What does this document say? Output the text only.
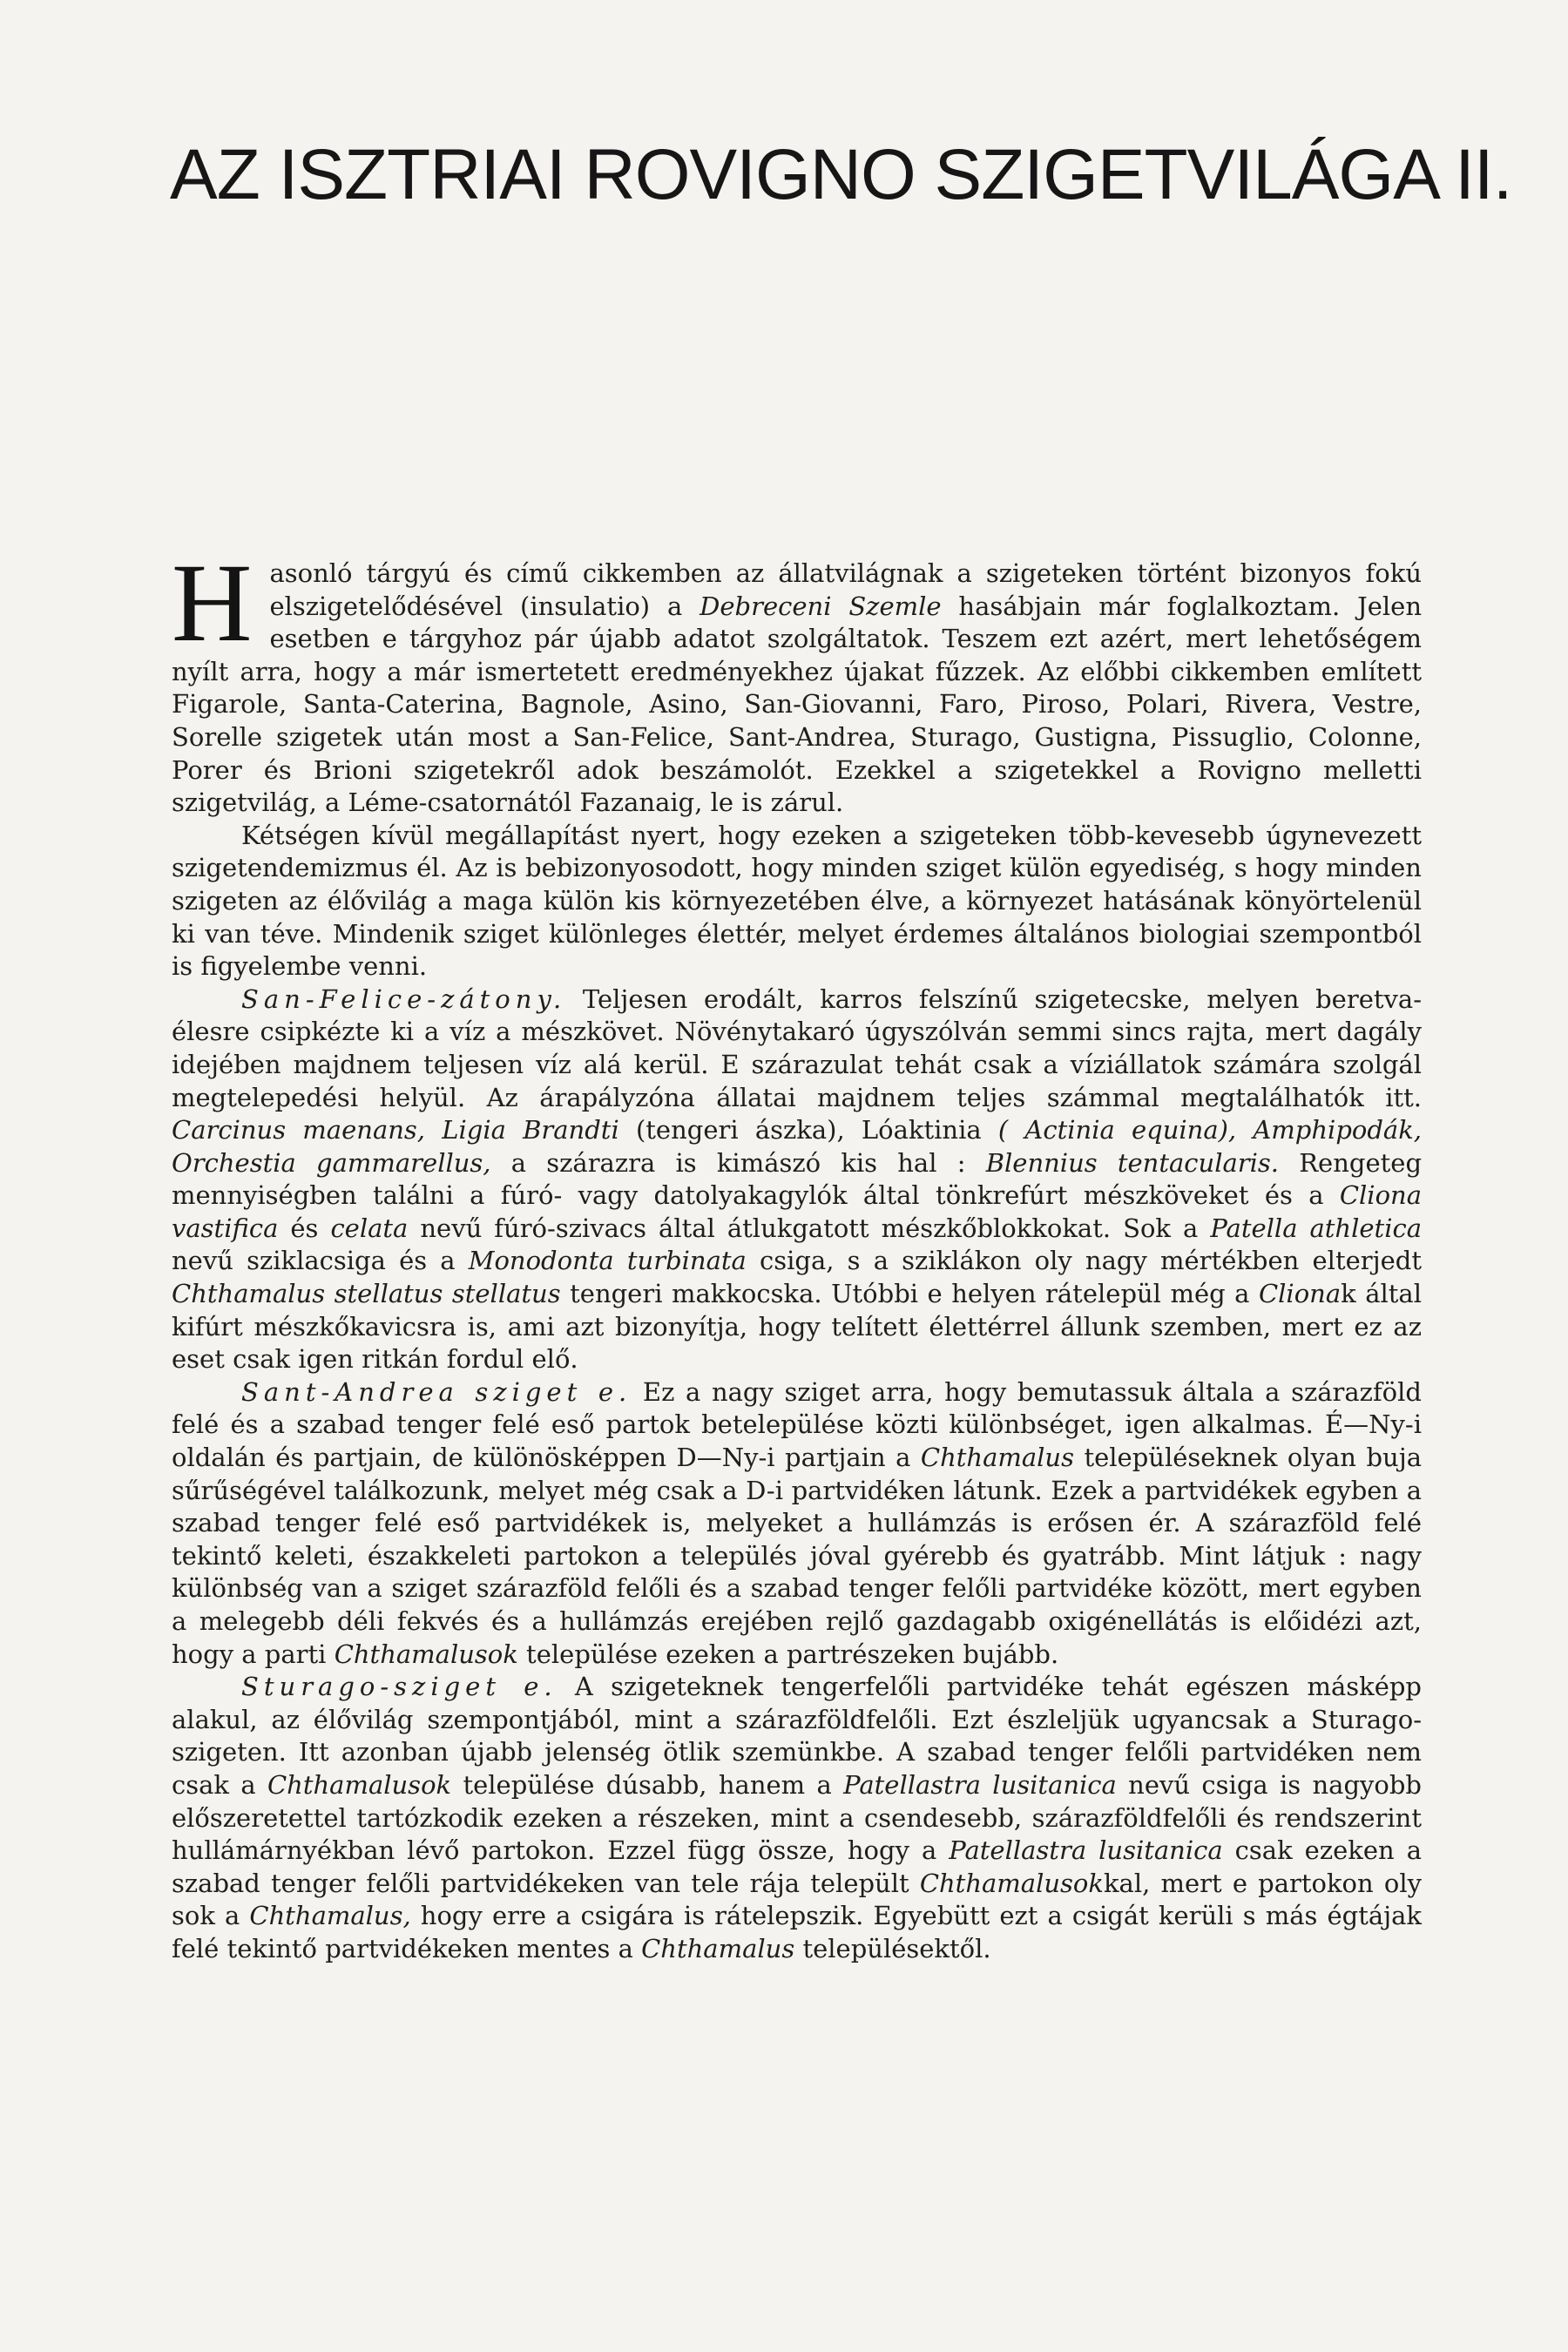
AZ ISZTRIAI ROVIGNO SZIGETVILÁGA II.

Hasonló tárgyú és című cikkemben az állatvilágnak a szigeteken történt bizonyos fokú elszigetelődésével (insulatio) a Debreceni Szemle hasábjain már foglalkoztam. Jelen esetben e tárgyhoz pár újabb adatot szolgáltatok. Teszem ezt azért, mert lehetőségem nyílt arra, hogy a már ismertetett eredményekhez újakat fűzzek. Az előbbi cikkemben említett Figarole, Santa-Caterina, Bagnole, Asino, San-Giovanni, Faro, Piroso, Polari, Rivera, Vestre, Sorelle szigetek után most a San-Felice, Sant-Andrea, Sturago, Gustigna, Pissuglio, Colonne, Porer és Brioni szigetekről adok beszámolót. Ezekkel a szigetekkel a Rovigno melletti szigetvilág, a Léme-csatornától Fazanaig, le is zárul.

Kétségen kívül megállapítást nyert, hogy ezeken a szigeteken több-kevesebb úgynevezett szigetendemizmus él. Az is bebizonyosodott, hogy minden sziget külön egyediség, s hogy minden szigeten az élővilág a maga külön kis környezetében élve, a környezet hatásának könyörtelenül ki van téve. Mindenik sziget különleges élettér, melyet érdemes általános biologiai szempontból is figyelembe venni.

San-Felice-zátony. Teljesen erodált, karros felszínű szigetecske, melyen beretva-élesre csipkézte ki a víz a mészkövet. Növénytakaró úgyszólván semmi sincs rajta, mert dagály idejében majdnem teljesen víz alá kerül. E szárazulat tehát csak a víziállatok számára szolgál megtelepedési helyül. Az árapályzóna állatai majdnem teljes számmal megtalálhatók itt. Carcinus maenans, Ligia Brandti (tengeri ászka), Lóaktinia ( Actinia equina), Amphipodák, Orchestia gammarellus, a szárazra is kimászó kis hal : Blennius tentacularis. Rengeteg mennyiségben találni a fúró- vagy datolyakagylók által tönkrefúrt mészköveket és a Cliona vastifica és celata nevű fúró-szivacs által átlukgatott mészkőblokkokat. Sok a Patella athletica nevű sziklacsiga és a Monodonta turbinata csiga, s a sziklákon oly nagy mértékben elterjedt Chthamalus stellatus stellatus tengeri makkocska. Utóbbi e helyen rátelepül még a Clionak által kifúrt mészkőkavicsra is, ami azt bizonyítja, hogy telített élettérrel állunk szemben, mert ez az eset csak igen ritkán fordul elő.

Sant-Andrea sziget e. Ez a nagy sziget arra, hogy bemutassuk általa a szárazföld felé és a szabad tenger felé eső partok betelepülése közti különbséget, igen alkalmas. É—Ny-i oldalán és partjain, de különösképpen D—Ny-i partjain a Chthamalus településeknek olyan buja sűrűségével találkozunk, melyet még csak a D-i partvidéken látunk. Ezek a partvidékek egyben a szabad tenger felé eső partvidékek is, melyeket a hullámzás is erősen ér. A szárazföld felé tekintő keleti, északkeleti partokon a település jóval gyérebb és gyatrább. Mint látjuk : nagy különbség van a sziget szárazföld felőli és a szabad tenger felőli partvidéke között, mert egyben a melegebb déli fekvés és a hullámzás erejében rejlő gazdagabb oxigénellátás is előidézi azt, hogy a parti Chthamalusok települése ezeken a partrészeken bujább.

Sturago-sziget e. A szigeteknek tengerfelőli partvidéke tehát egészen másképp alakul, az élővilág szempontjából, mint a szárazföldfelőli. Ezt észleljük ugyancsak a Sturago-szigeten. Itt azonban újabb jelenség ötlik szemünkbe. A szabad tenger felőli partvidéken nem csak a Chthamalusok települése dúsabb, hanem a Patellastra lusitanica nevű csiga is nagyobb előszeretettel tartózkodik ezeken a részeken, mint a csendesebb, szárazföldfelőli és rendszerint hullámárnyékban lévő partokon. Ezzel függ össze, hogy a Patellastra lusitanica csak ezeken a szabad tenger felőli partvidékeken van tele rája települt Chthamalusokkal, mert e partokon oly sok a Chthamalus, hogy erre a csigára is rátelepszik. Egyebütt ezt a csigát kerüli s más égtájak felé tekintő partvidékeken mentes a Chthamalus településektől.
